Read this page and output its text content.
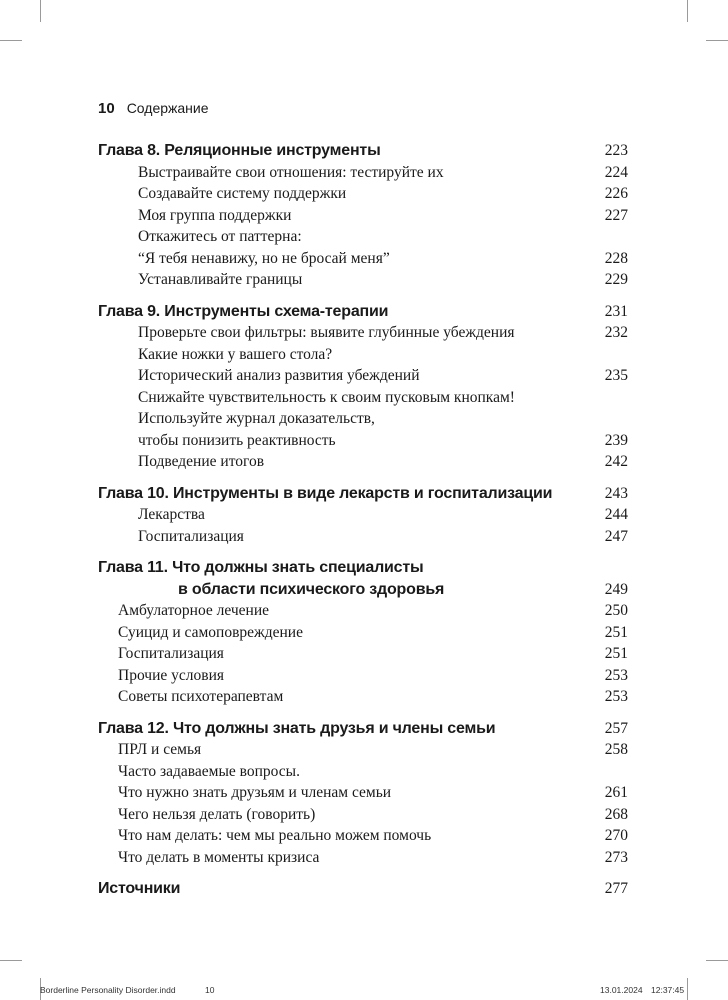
10 Содержание
Глава 8. Реляционные инструменты	223
Выстраивайте свои отношения: тестируйте их	224
Создавайте систему поддержки	226
Моя группа поддержки	227
Откажитесь от паттерна:
“Я тебя ненавижу, но не бросай меня”	228
Устанавливайте границы	229
Глава 9. Инструменты схема-терапии	231
Проверьте свои фильтры: выявите глубинные убеждения	232
Какие ножки у вашего стола?
Исторический анализ развития убеждений	235
Снижайте чувствительность к своим пусковым кнопкам!
Используйте журнал доказательств,
чтобы понизить реактивность	239
Подведение итогов	242
Глава 10. Инструменты в виде лекарств и госпитализации	243
Лекарства	244
Госпитализация	247
Глава 11. Что должны знать специалисты
в области психического здоровья	249
Амбулаторное лечение	250
Суицид и самоповреждение	251
Госпитализация	251
Прочие условия	253
Советы психотерапевтам	253
Глава 12. Что должны знать друзья и члены семьи	257
ПРЛ и семья	258
Часто задаваемые вопросы.
Что нужно знать друзьям и членам семьи	261
Чего нельзя делать (говорить)	268
Что нам делать: чем мы реально можем помочь	270
Что делать в моменты кризиса	273
Источники	277
Borderline Personality Disorder.indd	10	13.01.2024 12:37:45
